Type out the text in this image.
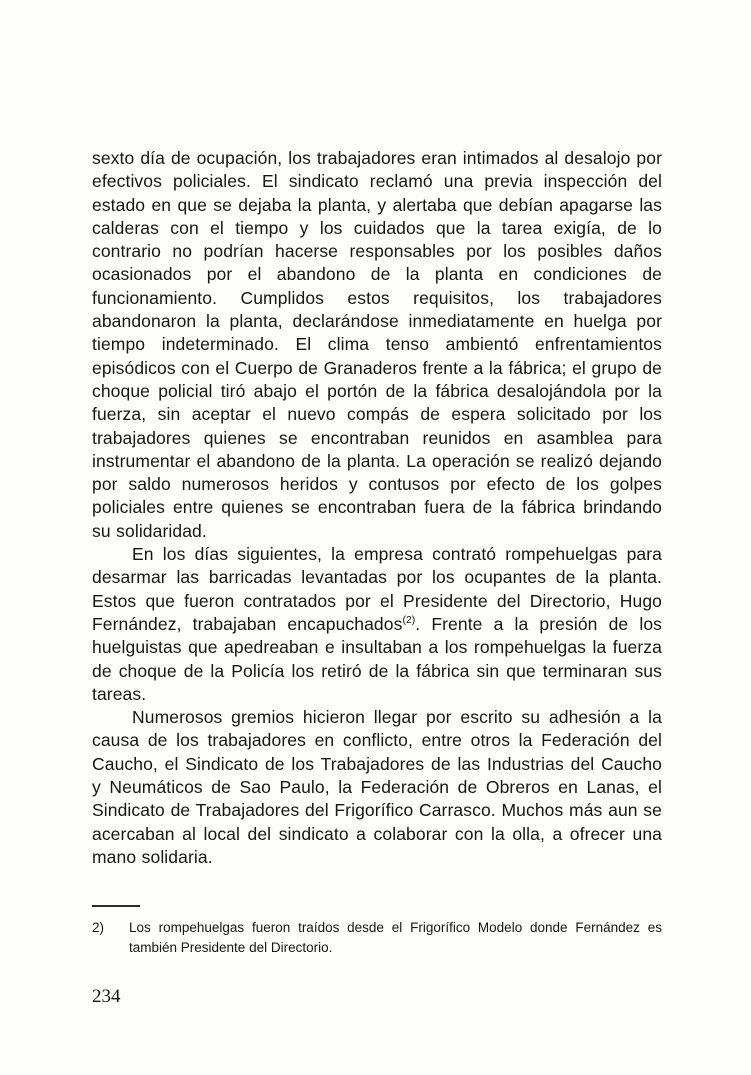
sexto día de ocupación, los trabajadores eran intimados al desalojo por efectivos policiales. El sindicato reclamó una previa inspección del estado en que se dejaba la planta, y alertaba que debían apagarse las calderas con el tiempo y los cuidados que la tarea exigía, de lo contrario no podrían hacerse responsables por los posibles daños ocasionados por el abandono de la planta en condiciones de funcionamiento. Cumplidos estos requisitos, los trabajadores abandonaron la planta, declarándose inmediatamente en huelga por tiempo indeterminado. El clima tenso ambientó enfrentamientos episódicos con el Cuerpo de Granaderos frente a la fábrica; el grupo de choque policial tiró abajo el portón de la fábrica desalojándola por la fuerza, sin aceptar el nuevo compás de espera solicitado por los trabajadores quienes se encontraban reunidos en asamblea para instrumentar el abandono de la planta. La operación se realizó dejando por saldo numerosos heridos y contusos por efecto de los golpes policiales entre quienes se encontraban fuera de la fábrica brindando su solidaridad.

En los días siguientes, la empresa contrató rompehuelgas para desarmar las barricadas levantadas por los ocupantes de la planta. Estos que fueron contratados por el Presidente del Directorio, Hugo Fernández, trabajaban encapuchados$^{(2)}$. Frente a la presión de los huelguistas que apedreaban e insultaban a los rompehuelgas la fuerza de choque de la Policía los retiró de la fábrica sin que terminaran sus tareas.

Numerosos gremios hicieron llegar por escrito su adhesión a la causa de los trabajadores en conflicto, entre otros la Federación del Caucho, el Sindicato de los Trabajadores de las Industrias del Caucho y Neumáticos de Sao Paulo, la Federación de Obreros en Lanas, el Sindicato de Trabajadores del Frigorífico Carrasco. Muchos más aun se acercaban al local del sindicato a colaborar con la olla, a ofrecer una mano solidaria.

2)	Los rompehuelgas fueron traídos desde el Frigorífico Modelo donde Fernández es también Presidente del Directorio.
234
